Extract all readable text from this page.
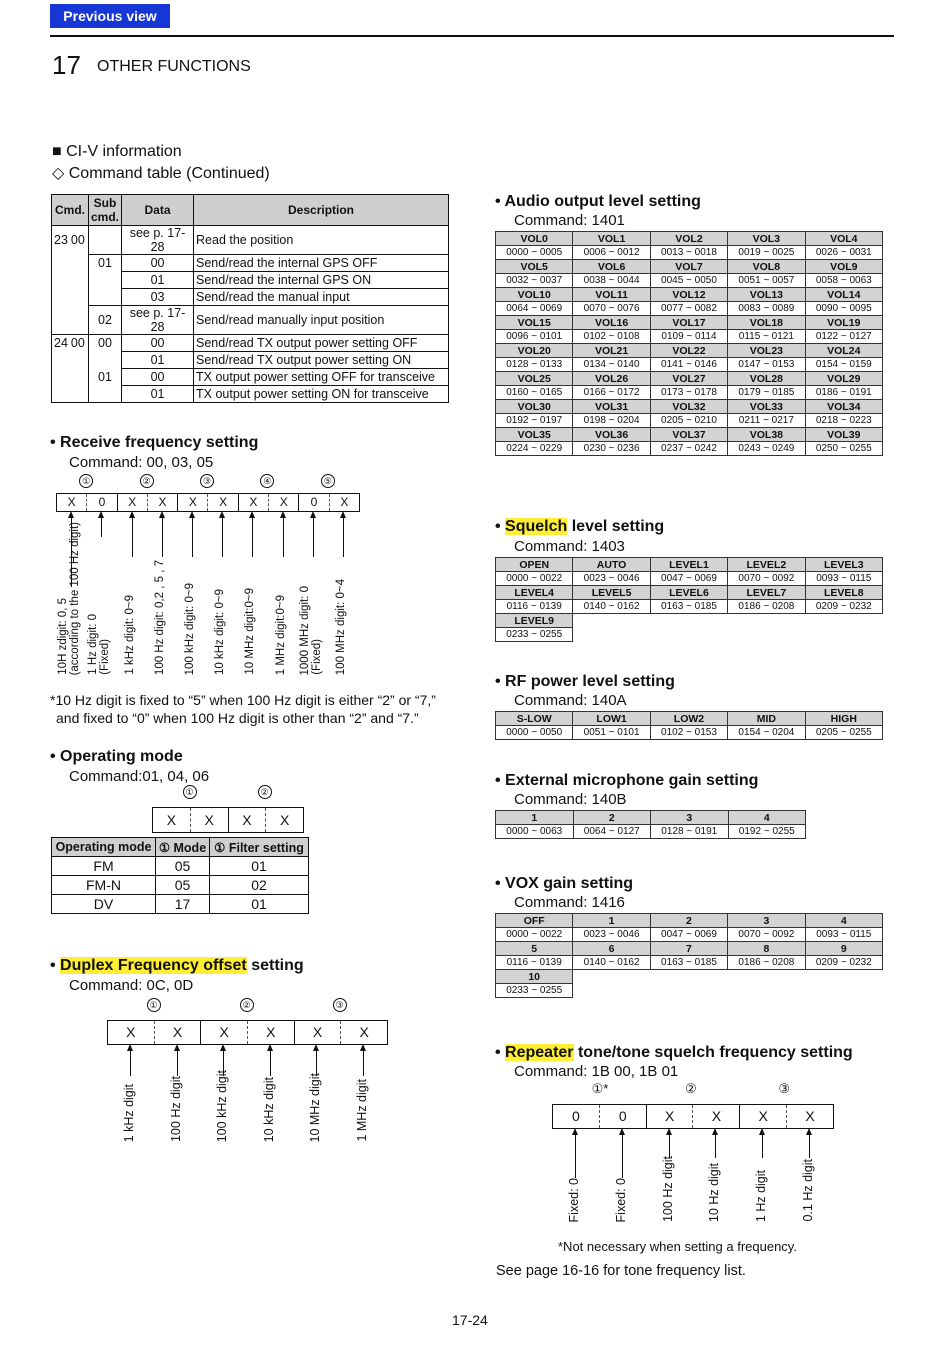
Previous view
17 OTHER FUNCTIONS
■ CI-V information
◇ Command table (Continued)
Cmd.	Sub cmd.	Data	Description
23 00		see p. 17-28	Read the position
	01	00	Send/read the internal GPS OFF
		01	Send/read the internal GPS ON
		03	Send/read the manual input
	02	see p. 17-28	Send/read manually input position
24 00	00	00	Send/read TX output power setting OFF
		01	Send/read TX output power setting ON
	01	00	TX output power setting OFF for transceive
		01	TX output power setting ON for transceive
• Receive frequency setting
Command: 00, 03, 05
①	②	③	④	⑤
X	0	X	X	X	X	X	X	0	X
10H zdigit: 0, 5 (according to the 100 Hz digit) 1 Hz digit: 0 (Fixed) 1 kHz digit: 0~9 100 Hz digit: 0,2 , 5 , 7 100 kHz digit: 0~9 10 kHz digit: 0~9 10 MHz digit:0~9 1 MHz digit:0~9 1000 MHz digit: 0 (Fixed) 100 MHz digit: 0~4
*10 Hz digit is fixed to “5” when 100 Hz digit is either “2” or “7,”
and fixed to “0” when 100 Hz digit is other than “2” and “7.”
• Operating mode
Command:01, 04, 06
①	②
X	X	X	X
Operating mode	① Mode	① Filter setting
FM	05	01
FM-N	05	02
DV	17	01
• Duplex Frequency offset setting
Command: 0C, 0D
①	②	③
X	X	X	X	X	X
1 kHz digit	100 Hz digit	100 kHz digit	10 kHz digit	10 MHz digit	1 MHz digit
• Audio output level setting
Command: 1401
VOL0	VOL1	VOL2	VOL3	VOL4
0000 ~ 0005	0006 ~ 0012	0013 ~ 0018	0019 ~ 0025	0026 ~ 0031
VOL5	VOL6	VOL7	VOL8	VOL9
0032 ~ 0037	0038 ~ 0044	0045 ~ 0050	0051 ~ 0057	0058 ~ 0063
VOL10	VOL11	VOL12	VOL13	VOL14
0064 ~ 0069	0070 ~ 0076	0077 ~ 0082	0083 ~ 0089	0090 ~ 0095
VOL15	VOL16	VOL17	VOL18	VOL19
0096 ~ 0101	0102 ~ 0108	0109 ~ 0114	0115 ~ 0121	0122 ~ 0127
VOL20	VOL21	VOL22	VOL23	VOL24
0128 ~ 0133	0134 ~ 0140	0141 ~ 0146	0147 ~ 0153	0154 ~ 0159
VOL25	VOL26	VOL27	VOL28	VOL29
0160 ~ 0165	0166 ~ 0172	0173 ~ 0178	0179 ~ 0185	0186 ~ 0191
VOL30	VOL31	VOL32	VOL33	VOL34
0192 ~ 0197	0198 ~ 0204	0205 ~ 0210	0211 ~ 0217	0218 ~ 0223
VOL35	VOL36	VOL37	VOL38	VOL39
0224 ~ 0229	0230 ~ 0236	0237 ~ 0242	0243 ~ 0249	0250 ~ 0255
• Squelch level setting
Command: 1403
OPEN	AUTO	LEVEL1	LEVEL2	LEVEL3
0000 ~ 0022	0023 ~ 0046	0047 ~ 0069	0070 ~ 0092	0093 ~ 0115
LEVEL4	LEVEL5	LEVEL6	LEVEL7	LEVEL8
0116 ~ 0139	0140 ~ 0162	0163 ~ 0185	0186 ~ 0208	0209 ~ 0232
LEVEL9				
0233 ~ 0255				
• RF power level setting
Command: 140A
S-LOW	LOW1	LOW2	MID	HIGH
0000 ~ 0050	0051 ~ 0101	0102 ~ 0153	0154 ~ 0204	0205 ~ 0255
• External microphone gain setting
Command: 140B
1	2	3	4
0000 ~ 0063	0064 ~ 0127	0128 ~ 0191	0192 ~ 0255
• VOX gain setting
Command: 1416
OFF	1	2	3	4
0000 ~ 0022	0023 ~ 0046	0047 ~ 0069	0070 ~ 0092	0093 ~ 0115
5	6	7	8	9
0116 ~ 0139	0140 ~ 0162	0163 ~ 0185	0186 ~ 0208	0209 ~ 0232
10				
0233 ~ 0255				
• Repeater tone/tone squelch frequency setting
Command: 1B 00, 1B 01
①*	②	③
0	0	X	X	X	X
Fixed: 0	Fixed: 0	100 Hz digit	10 Hz digit	1 Hz digit	0.1 Hz digit
*Not necessary when setting a frequency.
See page 16-16 for tone frequency list.
17-24
